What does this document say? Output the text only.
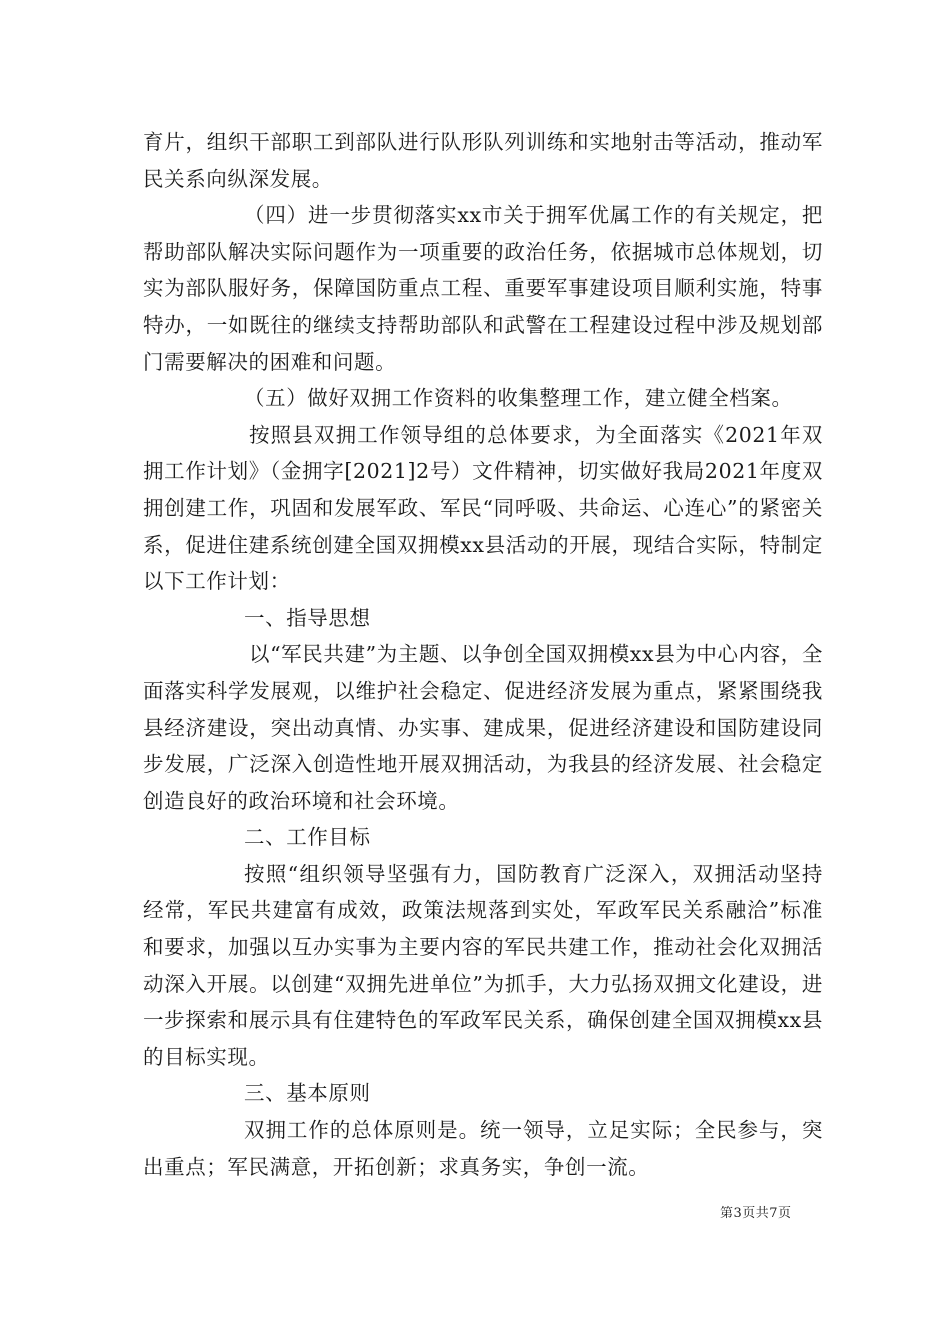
育片，组织干部职工到部队进行队形队列训练和实地射击等活动，推动军民关系向纵深发展。

（四）进一步贯彻落实xx市关于拥军优属工作的有关规定，把帮助部队解决实际问题作为一项重要的政治任务，依据城市总体规划，切实为部队服好务，保障国防重点工程、重要军事建设项目顺利实施，特事特办，一如既往的继续支持帮助部队和武警在工程建设过程中涉及规划部门需要解决的困难和问题。

（五）做好双拥工作资料的收集整理工作，建立健全档案。

按照县双拥工作领导组的总体要求，为全面落实《2021年双拥工作计划》（金拥字[2021]2号）文件精神，切实做好我局2021年度双拥创建工作，巩固和发展军政、军民“同呼吸、共命运、心连心”的紧密关系，促进住建系统创建全国双拥模xx县活动的开展，现结合实际，特制定以下工作计划：

一、指导思想

以“军民共建”为主题、以争创全国双拥模xx县为中心内容，全面落实科学发展观，以维护社会稳定、促进经济发展为重点，紧紧围绕我县经济建设，突出动真情、办实事、建成果，促进经济建设和国防建设同步发展，广泛深入创造性地开展双拥活动，为我县的经济发展、社会稳定创造良好的政治环境和社会环境。

二、工作目标

按照“组织领导坚强有力，国防教育广泛深入，双拥活动坚持经常，军民共建富有成效，政策法规落到实处，军政军民关系融洽”标准和要求，加强以互办实事为主要内容的军民共建工作，推动社会化双拥活动深入开展。以创建“双拥先进单位”为抓手，大力弘扬双拥文化建设，进一步探索和展示具有住建特色的军政军民关系，确保创建全国双拥模xx县的目标实现。

三、基本原则

双拥工作的总体原则是。统一领导，立足实际；全民参与，突出重点；军民满意，开拓创新；求真务实，争创一流。

第3页共7页
